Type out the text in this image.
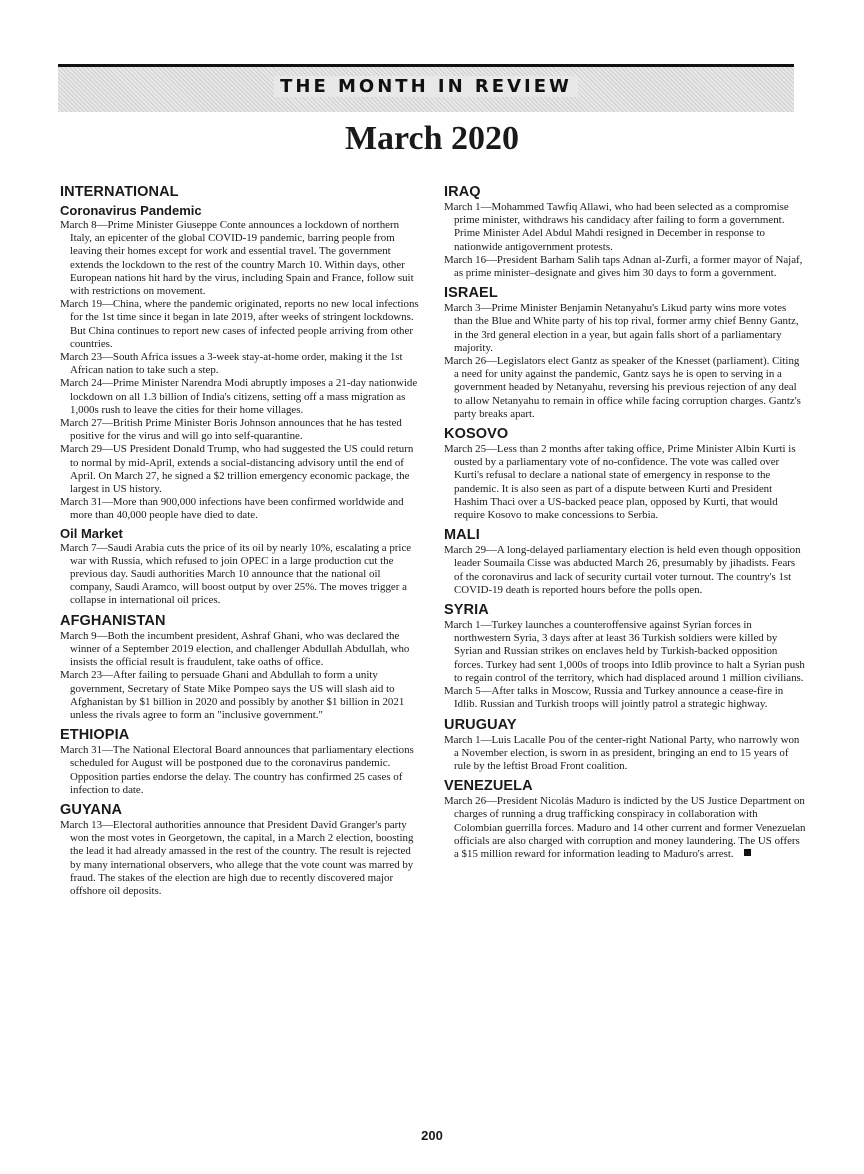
THE MONTH IN REVIEW
March 2020
INTERNATIONAL
Coronavirus Pandemic

March 8—Prime Minister Giuseppe Conte announces a lockdown of northern Italy, an epicenter of the global COVID-19 pandemic, barring people from leaving their homes except for work and essential travel. The government extends the lockdown to the rest of the country March 10. Within days, other European nations hit hard by the virus, including Spain and France, follow suit with restrictions on movement.

March 19—China, where the pandemic originated, reports no new local infections for the 1st time since it began in late 2019, after weeks of stringent lockdowns. But China continues to report new cases of infected people arriving from other countries.

March 23—South Africa issues a 3-week stay-at-home order, making it the 1st African nation to take such a step.

March 24—Prime Minister Narendra Modi abruptly imposes a 21-day nationwide lockdown on all 1.3 billion of India's citizens, setting off a mass migration as 1,000s rush to leave the cities for their home villages.

March 27—British Prime Minister Boris Johnson announces that he has tested positive for the virus and will go into self-quarantine.

March 29—US President Donald Trump, who had suggested the US could return to normal by mid-April, extends a social-distancing advisory until the end of April. On March 27, he signed a $2 trillion emergency economic package, the largest in US history.

March 31—More than 900,000 infections have been confirmed worldwide and more than 40,000 people have died to date.

Oil Market

March 7—Saudi Arabia cuts the price of its oil by nearly 10%, escalating a price war with Russia, which refused to join OPEC in a large production cut the previous day. Saudi authorities March 10 announce that the national oil company, Saudi Aramco, will boost output by over 25%. The moves trigger a collapse in international oil prices.

AFGHANISTAN

March 9—Both the incumbent president, Ashraf Ghani, who was declared the winner of a September 2019 election, and challenger Abdullah Abdullah, who insists the official result is fraudulent, take oaths of office.

March 23—After failing to persuade Ghani and Abdullah to form a unity government, Secretary of State Mike Pompeo says the US will slash aid to Afghanistan by $1 billion in 2020 and possibly by another $1 billion in 2021 unless the rivals agree to form an "inclusive government."

ETHIOPIA

March 31—The National Electoral Board announces that parliamentary elections scheduled for August will be postponed due to the coronavirus pandemic. Opposition parties endorse the delay. The country has confirmed 25 cases of infection to date.

GUYANA

March 13—Electoral authorities announce that President David Granger's party won the most votes in Georgetown, the capital, in a March 2 election, boosting the lead it had already amassed in the rest of the country. The result is rejected by many international observers, who allege that the vote count was marred by fraud. The stakes of the election are high due to recently discovered major offshore oil deposits.

IRAQ

March 1—Mohammed Tawfiq Allawi, who had been selected as a compromise prime minister, withdraws his candidacy after failing to form a government. Prime Minister Adel Abdul Mahdi resigned in December in response to nationwide antigovernment protests.

March 16—President Barham Salih taps Adnan al-Zurfi, a former mayor of Najaf, as prime minister–designate and gives him 30 days to form a government.

ISRAEL

March 3—Prime Minister Benjamin Netanyahu's Likud party wins more votes than the Blue and White party of his top rival, former army chief Benny Gantz, in the 3rd general election in a year, but again falls short of a parliamentary majority.

March 26—Legislators elect Gantz as speaker of the Knesset (parliament). Citing a need for unity against the pandemic, Gantz says he is open to serving in a government headed by Netanyahu, reversing his previous rejection of any deal to allow Netanyahu to remain in office while facing corruption charges. Gantz's party breaks apart.

KOSOVO

March 25—Less than 2 months after taking office, Prime Minister Albin Kurti is ousted by a parliamentary vote of no-confidence. The vote was called over Kurti's refusal to declare a national state of emergency in response to the pandemic. It is also seen as part of a dispute between Kurti and President Hashim Thaci over a US-backed peace plan, opposed by Kurti, that would require Kosovo to make concessions to Serbia.

MALI

March 29—A long-delayed parliamentary election is held even though opposition leader Soumaila Cisse was abducted March 26, presumably by jihadists. Fears of the coronavirus and lack of security curtail voter turnout. The country's 1st COVID-19 death is reported hours before the polls open.

SYRIA

March 1—Turkey launches a counteroffensive against Syrian forces in northwestern Syria, 3 days after at least 36 Turkish soldiers were killed by Syrian and Russian strikes on enclaves held by Turkish-backed opposition forces. Turkey had sent 1,000s of troops into Idlib province to halt a Syrian push to regain control of the territory, which had displaced around 1 million civilians.

March 5—After talks in Moscow, Russia and Turkey announce a cease-fire in Idlib. Russian and Turkish troops will jointly patrol a strategic highway.

URUGUAY

March 1—Luis Lacalle Pou of the center-right National Party, who narrowly won a November election, is sworn in as president, bringing an end to 15 years of rule by the leftist Broad Front coalition.

VENEZUELA

March 26—President Nicolás Maduro is indicted by the US Justice Department on charges of running a drug trafficking conspiracy in collaboration with Colombian guerrilla forces. Maduro and 14 other current and former Venezuelan officials are also charged with corruption and money laundering. The US offers a $15 million reward for information leading to Maduro's arrest.

200
